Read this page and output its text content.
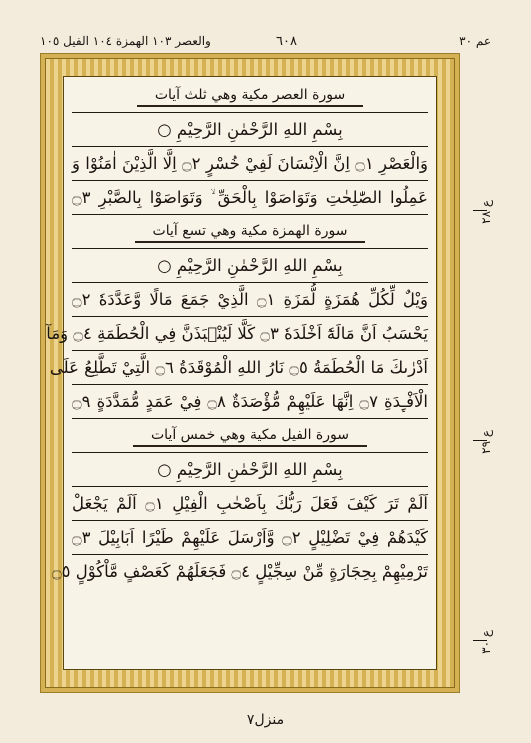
عم ٣٠
٦٠٨
والعصر ١٠٣ الهمزة ١٠٤ الفيل ١٠٥
سورة العصر مكية وهي ثلث آيات
بِسْمِ اللهِ الرَّحْمٰنِ الرَّحِيْمِ ○
وَالْعَصْرِ ۝١ اِنَّ الْاِنْسَانَ لَفِيْ خُسْرٍ ۝٢ اِلَّا الَّذِيْنَ اٰمَنُوْا وَ
عَمِلُوا الصّٰلِحٰتِ وَتَوَاصَوْا بِالْحَقِّ ۙ وَتَوَاصَوْا بِالصَّبْرِ ۝٣
سورة الهمزة مكية وهي تسع آيات
بِسْمِ اللهِ الرَّحْمٰنِ الرَّحِيْمِ ○
وَيْلٌ لِّكُلِّ هُمَزَةٍ لُّمَزَةِ ۝١ الَّذِيْ جَمَعَ مَالًا وَّعَدَّدَهٗ ۝٢
يَحْسَبُ اَنَّ مَالَهٗٓ اَخْلَدَهٗ ۝٣ كَلَّا لَيُنْۢبَذَنَّ فِي الْحُطَمَةِ ۝٤ وَمَآ
اَدْرٰىكَ مَا الْحُطَمَةُ ۝٥ نَارُ اللهِ الْمُوْقَدَةُ ۝٦ الَّتِيْ تَطَّلِعُ عَلَى
الْاَفْـِٕدَةِ ۝٧ اِنَّهَا عَلَيْهِمْ مُّؤْصَدَةٌ ۝٨ فِيْ عَمَدٍ مُّمَدَّدَةٍ ۝٩
سورة الفيل مكية وهي خمس آيات
بِسْمِ اللهِ الرَّحْمٰنِ الرَّحِيْمِ ○
اَلَمْ تَرَ كَيْفَ فَعَلَ رَبُّكَ بِاَصْحٰبِ الْفِيْلِ ۝١ اَلَمْ يَجْعَلْ
كَيْدَهُمْ فِيْ تَضْلِيْلٍ ۝٢ وَّاَرْسَلَ عَلَيْهِمْ طَيْرًا اَبَابِيْلَ ۝٣
تَرْمِيْهِمْ بِحِجَارَةٍ مِّنْ سِجِّيْلٍ ۝٤ فَجَعَلَهُمْ كَعَصْفٍ مَّاْكُوْلٍ ۝٥
ع ٢٨
ع ٢٩
ع ٣٠
منزل۷
